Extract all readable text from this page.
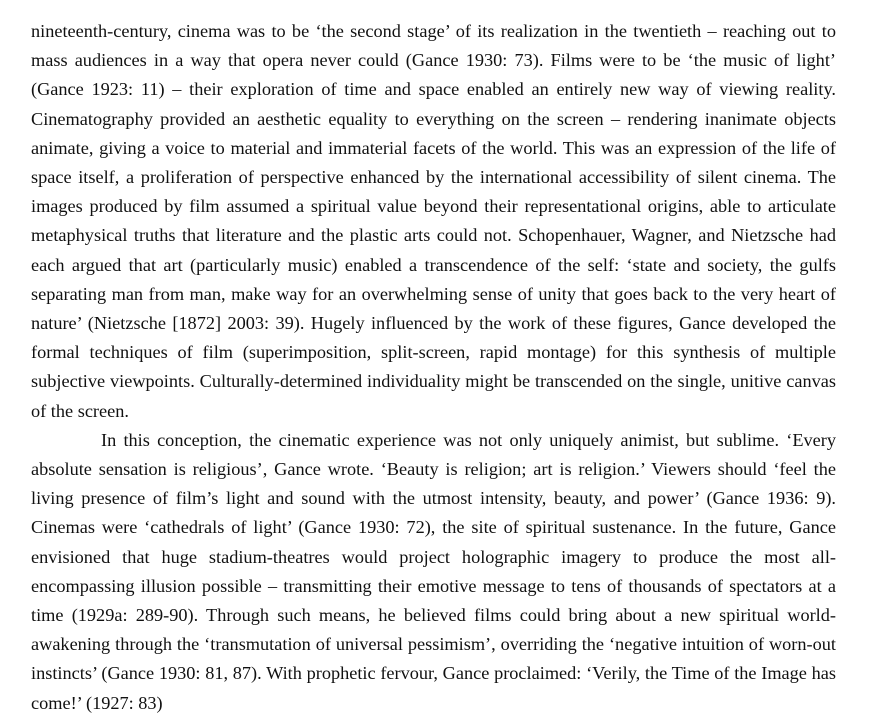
nineteenth-century, cinema was to be ‘the second stage’ of its realization in the twentieth – reaching out to mass audiences in a way that opera never could (Gance 1930: 73). Films were to be ‘the music of light’ (Gance 1923: 11) – their exploration of time and space enabled an entirely new way of viewing reality. Cinematography provided an aesthetic equality to everything on the screen – rendering inanimate objects animate, giving a voice to material and immaterial facets of the world. This was an expression of the life of space itself, a proliferation of perspective enhanced by the international accessibility of silent cinema. The images produced by film assumed a spiritual value beyond their representational origins, able to articulate metaphysical truths that literature and the plastic arts could not. Schopenhauer, Wagner, and Nietzsche had each argued that art (particularly music) enabled a transcendence of the self: ‘state and society, the gulfs separating man from man, make way for an overwhelming sense of unity that goes back to the very heart of nature’ (Nietzsche [1872] 2003: 39). Hugely influenced by the work of these figures, Gance developed the formal techniques of film (superimposition, split-screen, rapid montage) for this synthesis of multiple subjective viewpoints. Culturally-determined individuality might be transcended on the single, unitive canvas of the screen.

In this conception, the cinematic experience was not only uniquely animist, but sublime. ‘Every absolute sensation is religious’, Gance wrote. ‘Beauty is religion; art is religion.’ Viewers should ‘feel the living presence of film’s light and sound with the utmost intensity, beauty, and power’ (Gance 1936: 9). Cinemas were ‘cathedrals of light’ (Gance 1930: 72), the site of spiritual sustenance. In the future, Gance envisioned that huge stadium-theatres would project holographic imagery to produce the most all-encompassing illusion possible – transmitting their emotive message to tens of thousands of spectators at a time (1929a: 289-90). Through such means, he believed films could bring about a new spiritual world-awakening through the ‘transmutation of universal pessimism’, overriding the ‘negative intuition of worn-out instincts’ (Gance 1930: 81, 87). With prophetic fervour, Gance proclaimed: ‘Verily, the Time of the Image has come!’ (1927: 83)
